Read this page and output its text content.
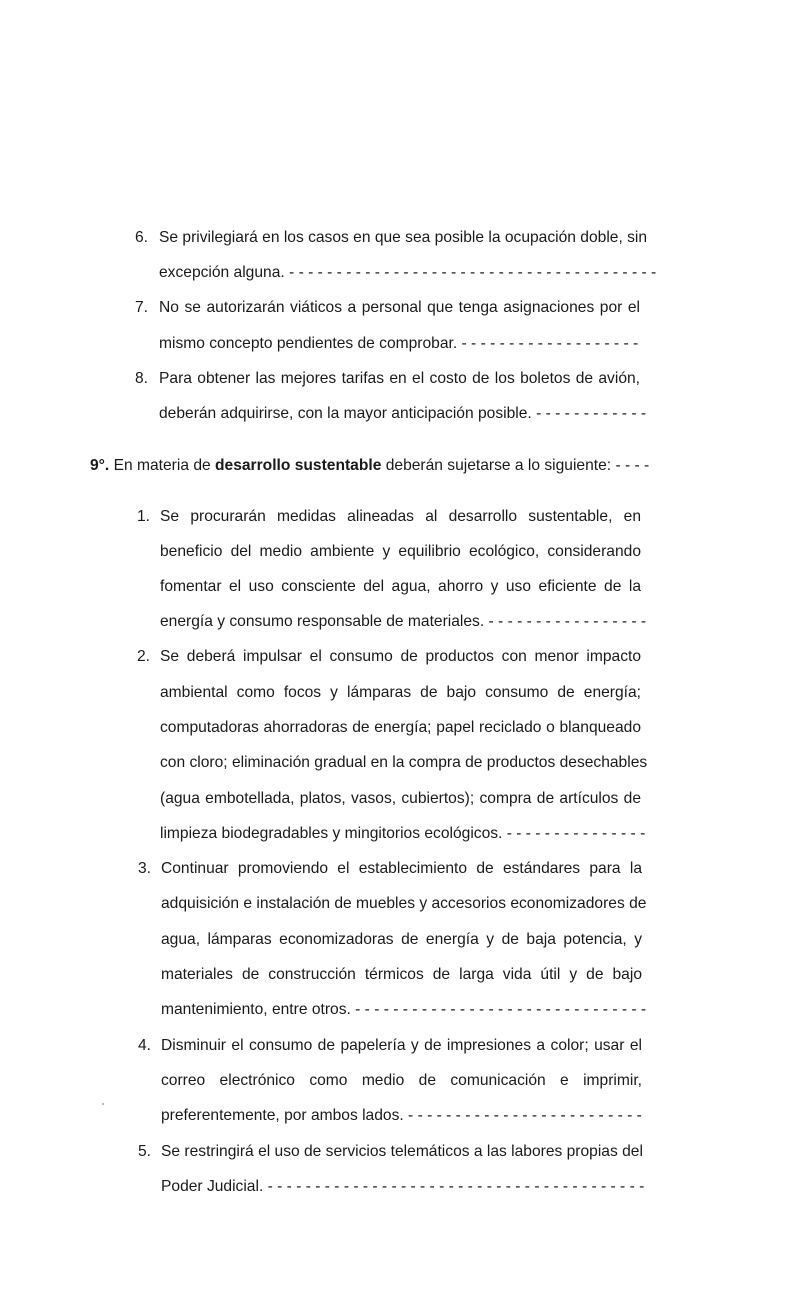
6. Se privilegiará en los casos en que sea posible la ocupación doble, sin
excepción alguna. - - - - - - - - - - - - - - - - - - - - - - - - - - - - - - - - - - - - - - -
7. No se autorizarán viáticos a personal que tenga asignaciones por el
mismo concepto pendientes de comprobar. - - - - - - - - - - - - - - - - - - -
8. Para obtener las mejores tarifas en el costo de los boletos de avión,
deberán adquirirse, con la mayor anticipación posible. - - - - - - - - - - - -
9°. En materia de desarrollo sustentable deberán sujetarse a lo siguiente: - - - -
1. Se procurarán medidas alineadas al desarrollo sustentable, en
beneficio del medio ambiente y equilibrio ecológico, considerando
fomentar el uso consciente del agua, ahorro y uso eficiente de la
energía y consumo responsable de materiales. - - - - - - - - - - - - - - - - -
2. Se deberá impulsar el consumo de productos con menor impacto
ambiental como focos y lámparas de bajo consumo de energía;
computadoras ahorradoras de energía; papel reciclado o blanqueado
con cloro; eliminación gradual en la compra de productos desechables
(agua embotellada, platos, vasos, cubiertos); compra de artículos de
limpieza biodegradables y mingitorios ecológicos. - - - - - - - - - - - - - - -
3. Continuar promoviendo el establecimiento de estándares para la
adquisición e instalación de muebles y accesorios economizadores de
agua, lámparas economizadoras de energía y de baja potencia, y
materiales de construcción térmicos de larga vida útil y de bajo
mantenimiento, entre otros. - - - - - - - - - - - - - - - - - - - - - - - - - - - - - - -
4. Disminuir el consumo de papelería y de impresiones a color; usar el
correo electrónico como medio de comunicación e imprimir,
preferentemente, por ambos lados. - - - - - - - - - - - - - - - - - - - - - - - - -
5. Se restringirá el uso de servicios telemáticos a las labores propias del
Poder Judicial. - - - - - - - - - - - - - - - - - - - - - - - - - - - - - - - - - - - - - - - -
